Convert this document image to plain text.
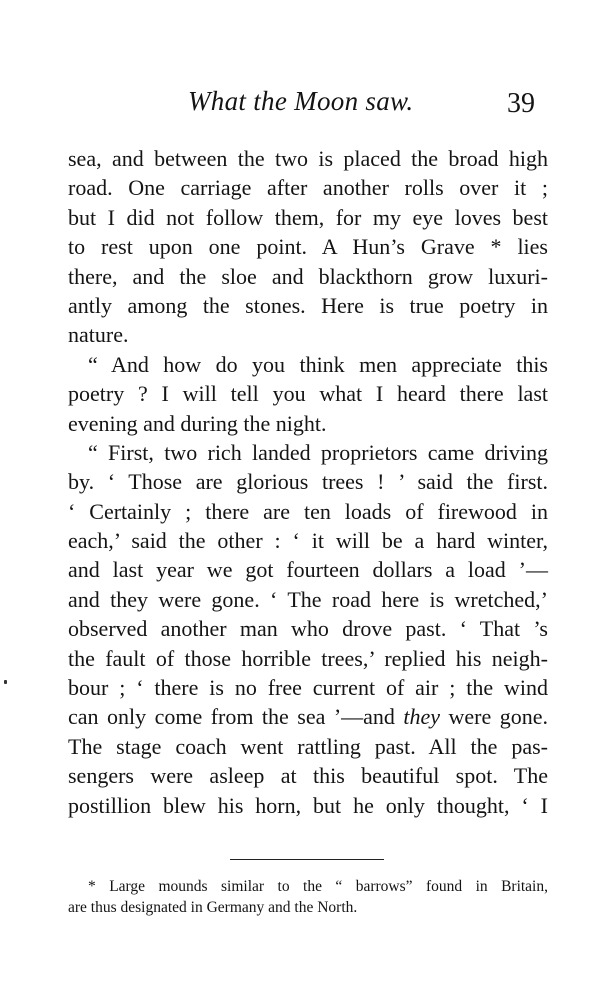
What the Moon saw.	39
sea, and between the two is placed the broad high
road. One carriage after another rolls over it ;
but I did not follow them, for my eye loves best
to rest upon one point. A Hun’s Grave * lies
there, and the sloe and blackthorn grow luxuri-
antly among the stones. Here is true poetry in
nature.
“ And how do you think men appreciate this
poetry ? I will tell you what I heard there last
evening and during the night.
“ First, two rich landed proprietors came driving
by. ‘ Those are glorious trees ! ’ said the first.
‘ Certainly ; there are ten loads of firewood in
each,’ said the other : ‘ it will be a hard winter,
and last year we got fourteen dollars a load ’—
and they were gone. ‘ The road here is wretched,’
observed another man who drove past. ‘ That ’s
the fault of those horrible trees,’ replied his neigh-
bour ; ‘ there is no free current of air ; the wind
can only come from the sea ’—and they were gone.
The stage coach went rattling past. All the pas-
sengers were asleep at this beautiful spot. The
postillion blew his horn, but he only thought, ‘ I
* Large mounds similar to the “ barrows” found in Britain,
are thus designated in Germany and the North.
